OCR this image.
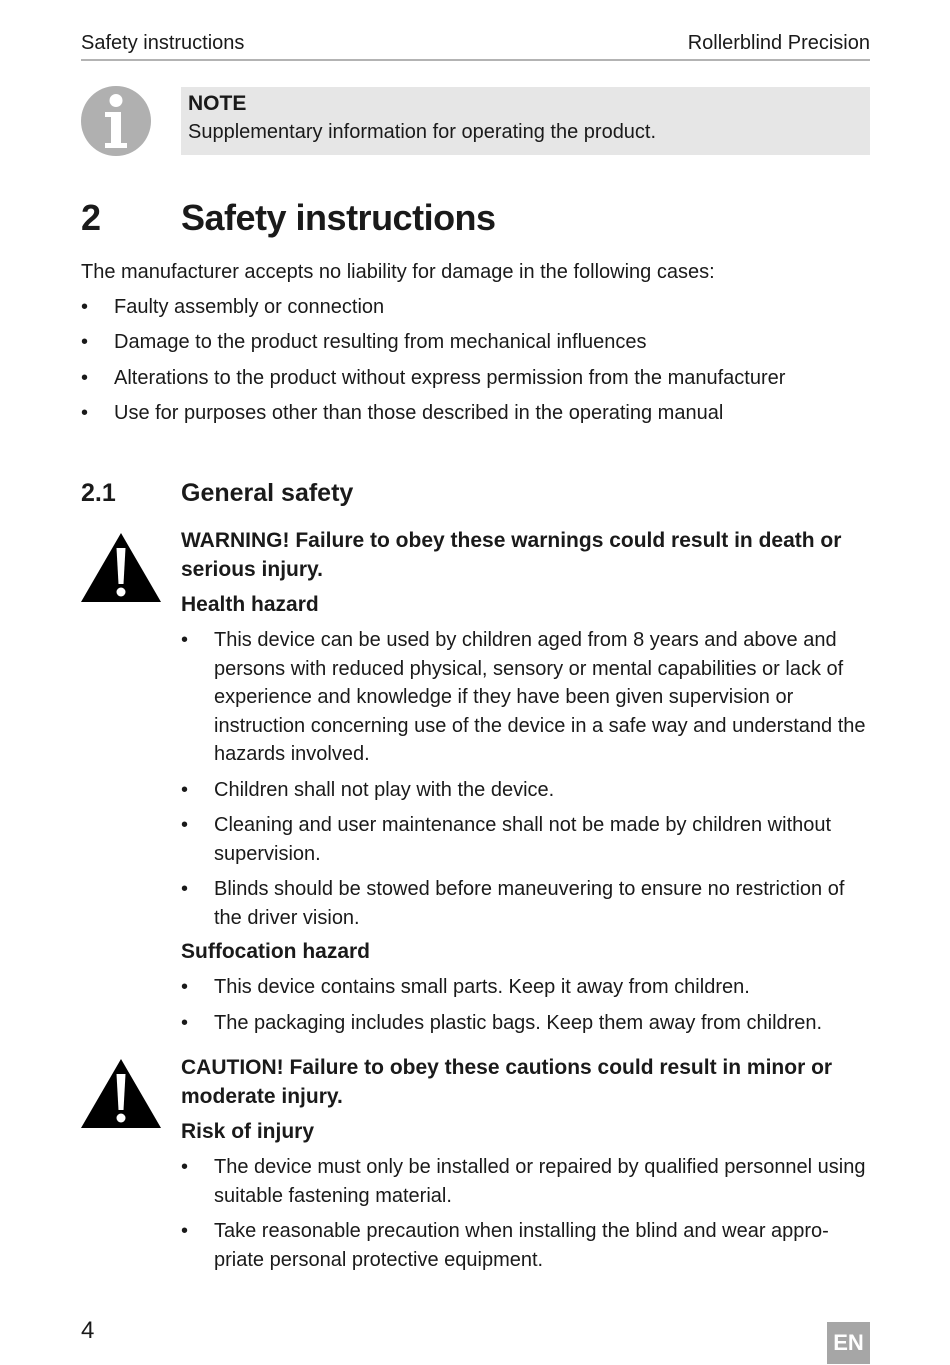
Safety instructions	Rollerblind Precision
NOTE
Supplementary information for operating the product.
2 Safety instructions
The manufacturer accepts no liability for damage in the following cases:
• Faulty assembly or connection
• Damage to the product resulting from mechanical influences
• Alterations to the product without express permission from the manufacturer
• Use for purposes other than those described in the operating manual
2.1	General safety
WARNING! Failure to obey these warnings could result in death or serious injury.
Health hazard
• This device can be used by children aged from 8 years and above and persons with reduced physical, sensory or mental capabilities or lack of experience and knowledge if they have been given supervision or instruction concerning use of the device in a safe way and understand the hazards involved.
• Children shall not play with the device.
• Cleaning and user maintenance shall not be made by children without supervision.
• Blinds should be stowed before maneuvering to ensure no restriction of the driver vision.
Suffocation hazard
• This device contains small parts. Keep it away from children.
• The packaging includes plastic bags. Keep them away from children.
CAUTION! Failure to obey these cautions could result in minor or moderate injury.
Risk of injury
• The device must only be installed or repaired by qualified personnel using suitable fastening material.
• Take reasonable precaution when installing the blind and wear appro-priate personal protective equipment.
4	EN
